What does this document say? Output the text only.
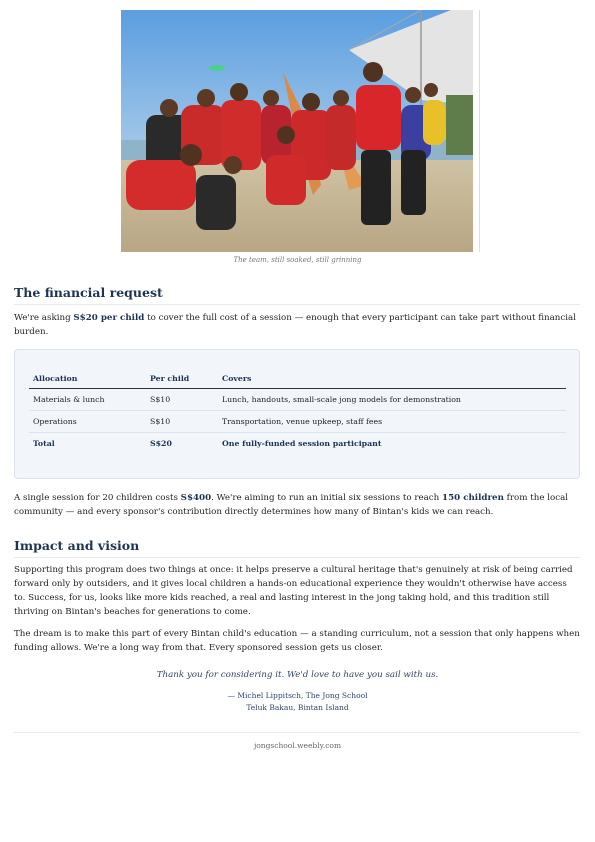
The team, still soaked, still grinning
The financial request

We're asking S$20 per child to cover the full cost of a session — enough that every participant can take part without financial burden.

Allocation	Per child	Covers
Materials & lunch	S$10	Lunch, handouts, small-scale jong models for demonstration
Operations	S$10	Transportation, venue upkeep, staff fees
Total	S$20	One fully-funded session participant

A single session for 20 children costs S$400. We're aiming to run an initial six sessions to reach 150 children from the local community — and every sponsor's contribution directly determines how many of Bintan's kids we can reach.

Impact and vision

Supporting this program does two things at once: it helps preserve a cultural heritage that's genuinely at risk of being carried forward only by outsiders, and it gives local children a hands-on educational experience they wouldn't otherwise have access to. Success, for us, looks like more kids reached, a real and lasting interest in the jong taking hold, and this tradition still thriving on Bintan's beaches for generations to come.

The dream is to make this part of every Bintan child's education — a standing curriculum, not a session that only happens when funding allows. We're a long way from that. Every sponsored session gets us closer.

Thank you for considering it. We'd love to have you sail with us.
— Michel Lippitsch, The Jong School
Teluk Bakau, Bintan Island
jongschool.weebly.com
